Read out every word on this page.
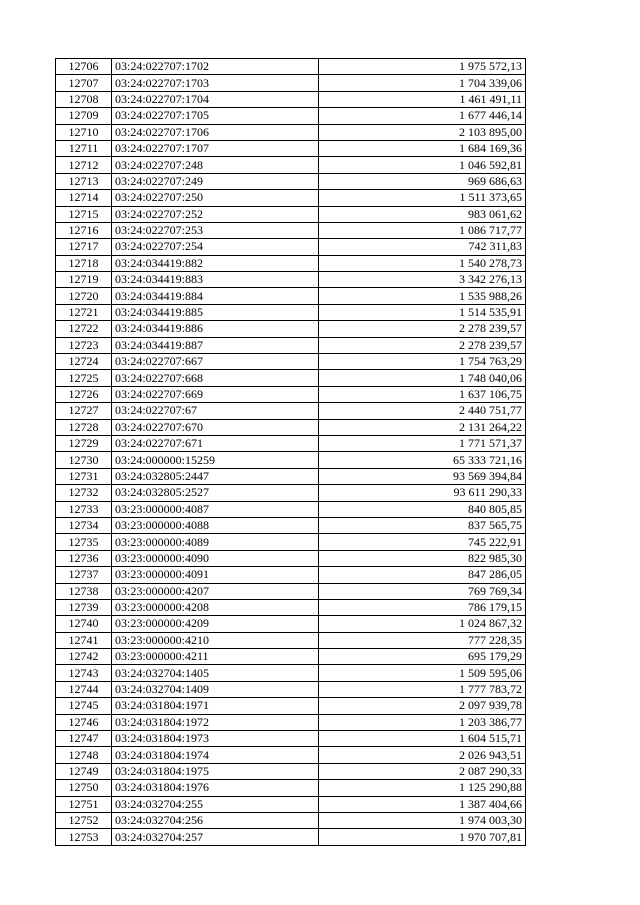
12706	03:24:022707:1702	1 975 572,13
12707	03:24:022707:1703	1 704 339,06
12708	03:24:022707:1704	1 461 491,11
12709	03:24:022707:1705	1 677 446,14
12710	03:24:022707:1706	2 103 895,00
12711	03:24:022707:1707	1 684 169,36
12712	03:24:022707:248	1 046 592,81
12713	03:24:022707:249	969 686,63
12714	03:24:022707:250	1 511 373,65
12715	03:24:022707:252	983 061,62
12716	03:24:022707:253	1 086 717,77
12717	03:24:022707:254	742 311,83
12718	03:24:034419:882	1 540 278,73
12719	03:24:034419:883	3 342 276,13
12720	03:24:034419:884	1 535 988,26
12721	03:24:034419:885	1 514 535,91
12722	03:24:034419:886	2 278 239,57
12723	03:24:034419:887	2 278 239,57
12724	03:24:022707:667	1 754 763,29
12725	03:24:022707:668	1 748 040,06
12726	03:24:022707:669	1 637 106,75
12727	03:24:022707:67	2 440 751,77
12728	03:24:022707:670	2 131 264,22
12729	03:24:022707:671	1 771 571,37
12730	03:24:000000:15259	65 333 721,16
12731	03:24:032805:2447	93 569 394,84
12732	03:24:032805:2527	93 611 290,33
12733	03:23:000000:4087	840 805,85
12734	03:23:000000:4088	837 565,75
12735	03:23:000000:4089	745 222,91
12736	03:23:000000:4090	822 985,30
12737	03:23:000000:4091	847 286,05
12738	03:23:000000:4207	769 769,34
12739	03:23:000000:4208	786 179,15
12740	03:23:000000:4209	1 024 867,32
12741	03:23:000000:4210	777 228,35
12742	03:23:000000:4211	695 179,29
12743	03:24:032704:1405	1 509 595,06
12744	03:24:032704:1409	1 777 783,72
12745	03:24:031804:1971	2 097 939,78
12746	03:24:031804:1972	1 203 386,77
12747	03:24:031804:1973	1 604 515,71
12748	03:24:031804:1974	2 026 943,51
12749	03:24:031804:1975	2 087 290,33
12750	03:24:031804:1976	1 125 290,88
12751	03:24:032704:255	1 387 404,66
12752	03:24:032704:256	1 974 003,30
12753	03:24:032704:257	1 970 707,81
